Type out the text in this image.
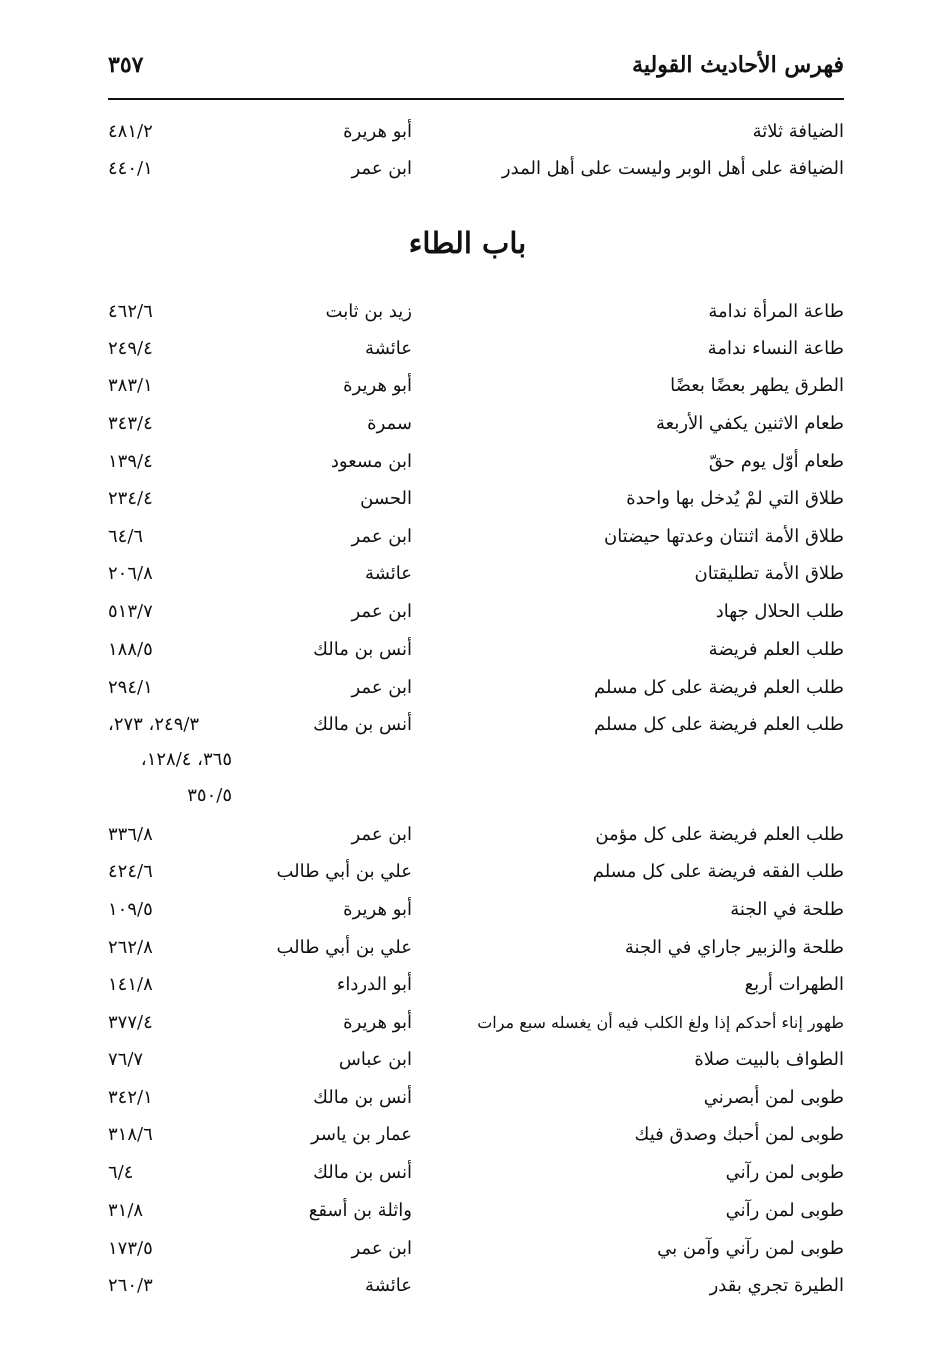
فهرس الأحاديث القولية
٣٥٧
الضيافة ثلاثة
أبو هريرة
٤٨١/٢
الضيافة على أهل الوبر وليست على أهل المدر
ابن عمر
٤٤٠/١
باب الطاء
طاعة المرأة ندامة
زيد بن ثابت
٤٦٢/٦
طاعة النساء ندامة
عائشة
٢٤٩/٤
الطرق يطهر بعضًا بعضًا
أبو هريرة
٣٨٣/١
طعام الاثنين يكفي الأربعة
سمرة
٣٤٣/٤
طعام أوّل يوم حقّ
ابن مسعود
١٣٩/٤
طلاق التي لمْ يُدخل بها واحدة
الحسن
٢٣٤/٤
طلاق الأمة اثنتان وعدتها حيضتان
ابن عمر
٦٤/٦
طلاق الأمة تطليقتان
عائشة
٢٠٦/٨
طلب الحلال جهاد
ابن عمر
٥١٣/٧
طلب العلم فريضة
أنس بن مالك
١٨٨/٥
طلب العلم فريضة على كل مسلم
ابن عمر
٢٩٤/١
طلب العلم فريضة على كل مسلم
أنس بن مالك
٢٤٩/٣، ٢٧٣،
٣٦٥، ١٢٨/٤،
٣٥٠/٥
طلب العلم فريضة على كل مؤمن
ابن عمر
٣٣٦/٨
طلب الفقه فريضة على كل مسلم
علي بن أبي طالب
٤٢٤/٦
طلحة في الجنة
أبو هريرة
١٠٩/٥
طلحة والزبير جاراي في الجنة
علي بن أبي طالب
٢٦٢/٨
الطهرات أربع
أبو الدرداء
١٤١/٨
طهور إناء أحدكم إذا ولغ الكلب فيه أن يغسله سبع مرات
أبو هريرة
٣٧٧/٤
الطواف بالبيت صلاة
ابن عباس
٧٦/٧
طوبى لمن أبصرني
أنس بن مالك
٣٤٢/١
طوبى لمن أحبك وصدق فيك
عمار بن ياسر
٣١٨/٦
طوبى لمن رآني
أنس بن مالك
٦/٤
طوبى لمن رآني
واثلة بن أسقع
٣١/٨
طوبى لمن رآني وآمن بي
ابن عمر
١٧٣/٥
الطيرة تجري بقدر
عائشة
٢٦٠/٣
